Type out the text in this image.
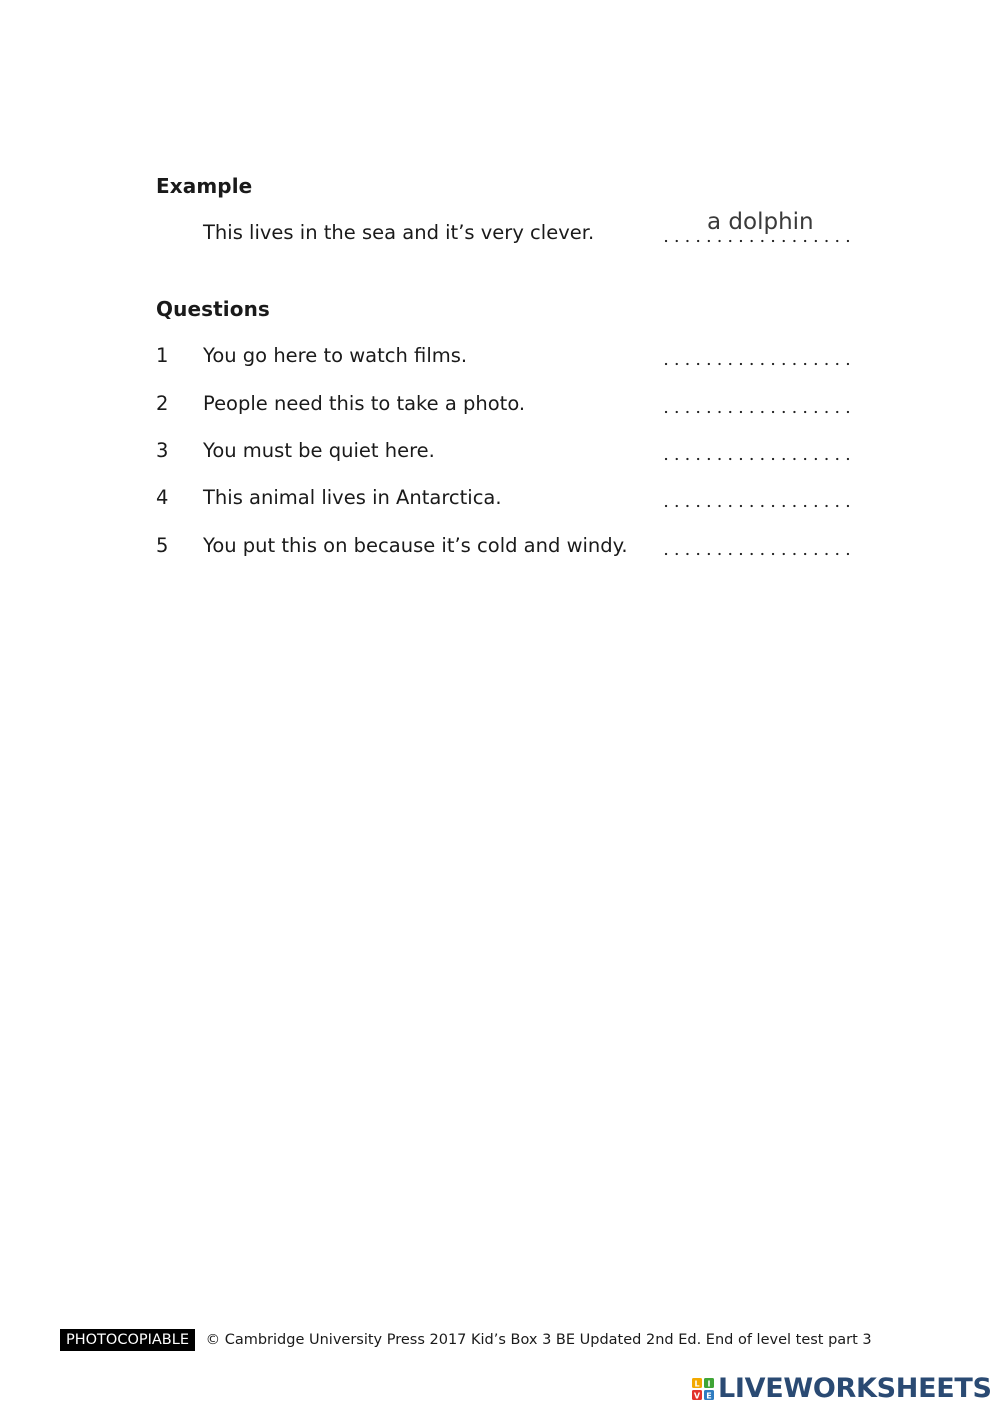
Example
This lives in the sea and it’s very clever.	a dolphin
Questions
1 You go here to watch films.
2 People need this to take a photo.
3 You must be quiet here.
4 This animal lives in Antarctica.
5 You put this on because it’s cold and windy.
PHOTOCOPIABLE © Cambridge University Press 2017 Kid’s Box 3 BE Updated 2nd Ed. End of level test part 3
L I
V E LIVEWORKSHEETS
